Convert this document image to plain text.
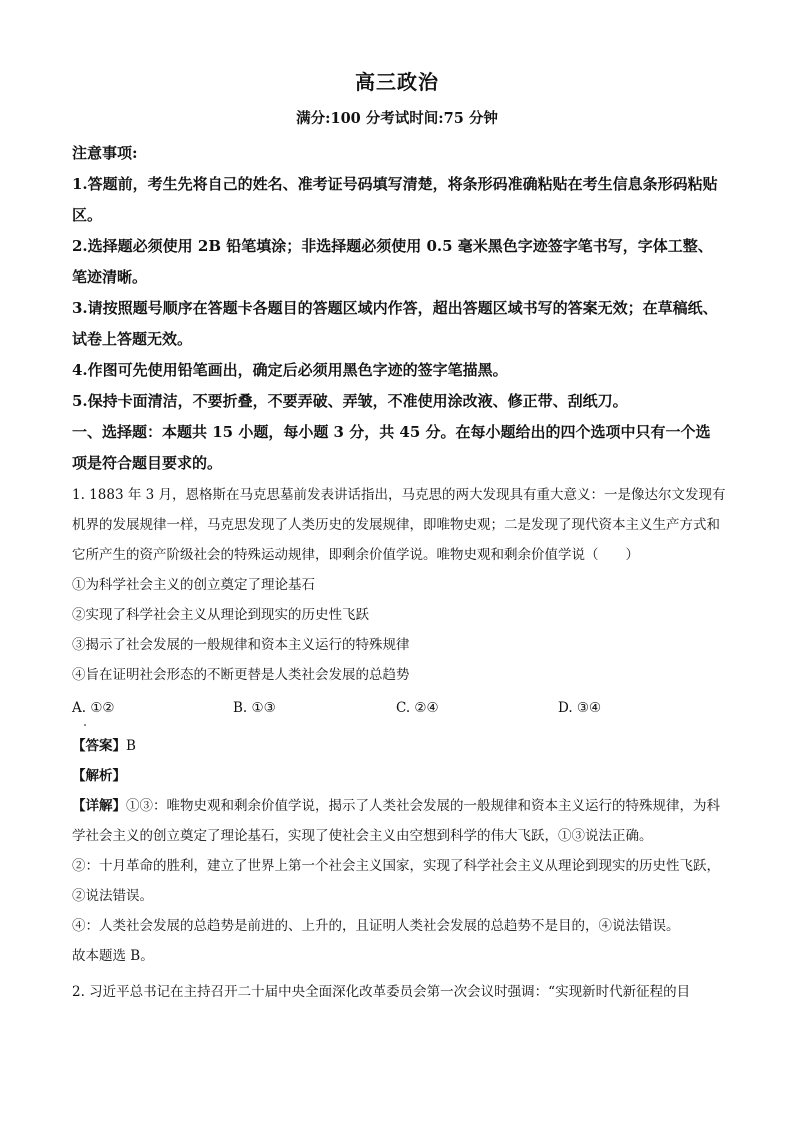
高三政治
满分:100 分考试时间:75 分钟

注意事项:

1.答题前，考生先将自己的姓名、准考证号码填写清楚，将条形码准确粘贴在考生信息条形码粘贴区。

2.选择题必须使用 2B 铅笔填涂；非选择题必须使用 0.5 毫米黑色字迹签字笔书写，字体工整、笔迹清晰。

3.请按照题号顺序在答题卡各题目的答题区域内作答，超出答题区域书写的答案无效；在草稿纸、试卷上答题无效。

4.作图可先使用铅笔画出，确定后必须用黑色字迹的签字笔描黑。

5.保持卡面清洁，不要折叠，不要弄破、弄皱，不准使用涂改液、修正带、刮纸刀。

一、选择题：本题共 15 小题，每小题 3 分，共 45 分。在每小题给出的四个选项中只有一个选项是符合题目要求的。

1. 1883 年 3 月，恩格斯在马克思墓前发表讲话指出，马克思的两大发现具有重大意义：一是像达尔文发现有机界的发展规律一样，马克思发现了人类历史的发展规律，即唯物史观；二是发现了现代资本主义生产方式和它所产生的资产阶级社会的特殊运动规律，即剩余价值学说。唯物史观和剩余价值学说（　　）

①为科学社会主义的创立奠定了理论基石

②实现了科学社会主义从理论到现实的历史性飞跃

③揭示了社会发展的一般规律和资本主义运行的特殊规律

④旨在证明社会形态的不断更替是人类社会发展的总趋势

A. ①②	B. ①③	C. ②④	D. ③④

【答案】B

【解析】

【详解】①③：唯物史观和剩余价值学说，揭示了人类社会发展的一般规律和资本主义运行的特殊规律，为科学社会主义的创立奠定了理论基石，实现了使社会主义由空想到科学的伟大飞跃，①③说法正确。

②：十月革命的胜利，建立了世界上第一个社会主义国家，实现了科学社会主义从理论到现实的历史性飞跃，②说法错误。

④：人类社会发展的总趋势是前进的、上升的，且证明人类社会发展的总趋势不是目的，④说法错误。

故本题选 B。

2. 习近平总书记在主持召开二十届中央全面深化改革委员会第一次会议时强调：“实现新时代新征程的目
